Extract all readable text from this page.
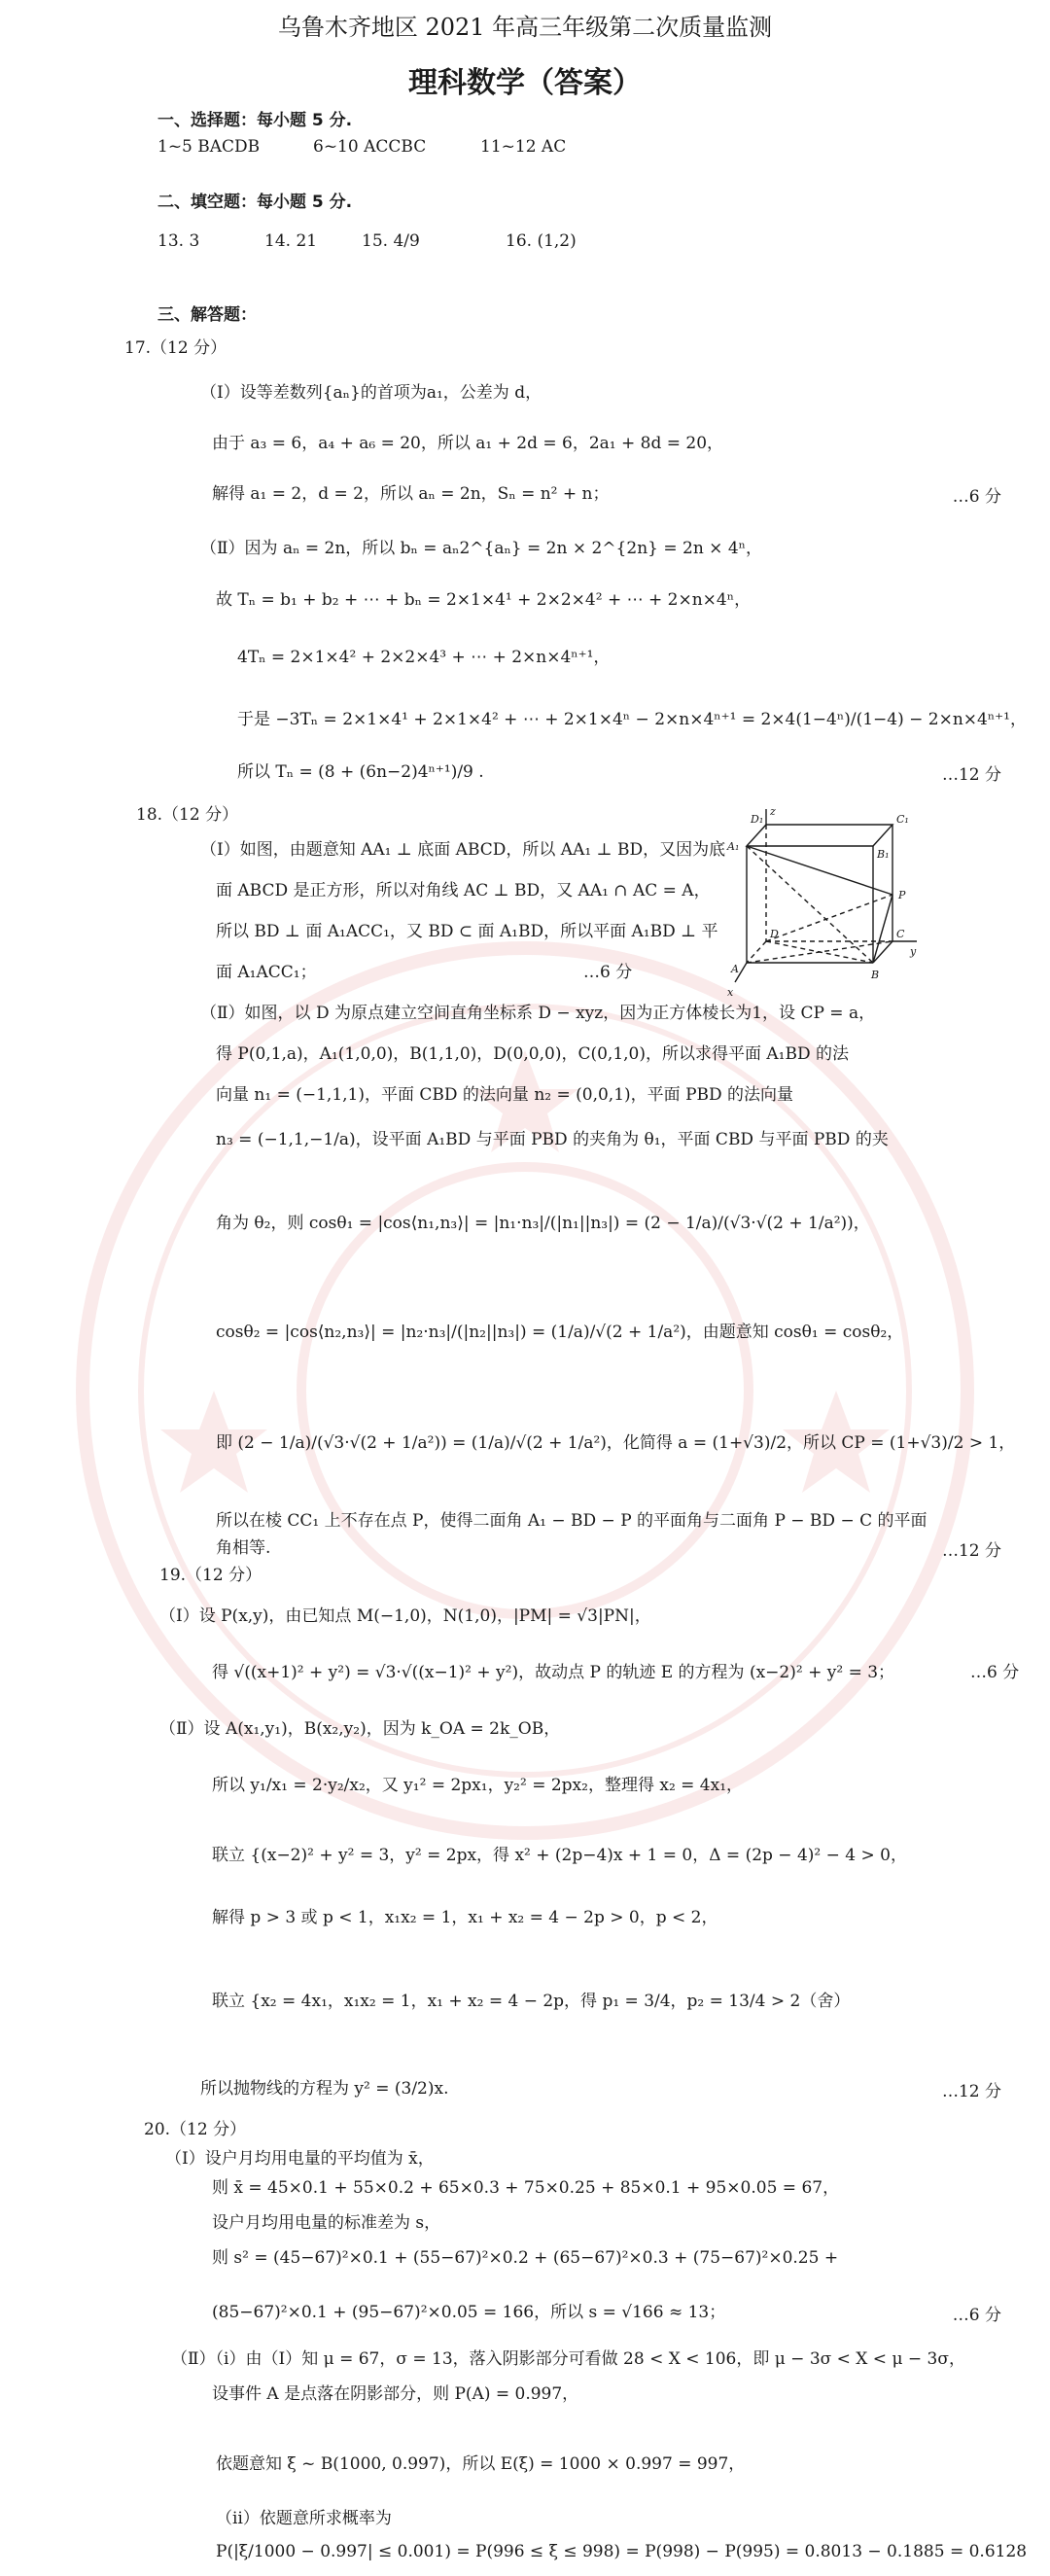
乌鲁木齐地区 2021 年高三年级第二次质量监测
理科数学（答案）
一、选择题：每小题 5 分.
1~5 BACDB	6~10 ACCBC	11~12 AC
二、填空题：每小题 5 分.
13. 3	14. 21	15. 4/9	16. (1,2)
三、解答题：
17.（12 分）
（Ⅰ）设等差数列{aₙ}的首项为a₁，公差为 d，
由于 a₃ = 6，a₄ + a₆ = 20，所以 a₁ + 2d = 6，2a₁ + 8d = 20，
解得 a₁ = 2，d = 2，所以 aₙ = 2n，Sₙ = n² + n；	…6 分
（Ⅱ）因为 aₙ = 2n，所以 bₙ = aₙ2^{aₙ} = 2n × 2^{2n} = 2n × 4ⁿ，
故 Tₙ = b₁ + b₂ + ⋯ + bₙ = 2×1×4¹ + 2×2×4² + ⋯ + 2×n×4ⁿ，
4Tₙ = 2×1×4² + 2×2×4³ + ⋯ + 2×n×4ⁿ⁺¹，
于是 −3Tₙ = 2×1×4¹ + 2×1×4² + ⋯ + 2×1×4ⁿ − 2×n×4ⁿ⁺¹ = 2×4(1−4ⁿ)/(1−4) − 2×n×4ⁿ⁺¹，
所以 Tₙ = (8 + (6n−2)4ⁿ⁺¹)/9 .	…12 分
18.（12 分）
（Ⅰ）如图，由题意知 AA₁ ⊥ 底面 ABCD，所以 AA₁ ⊥ BD，又因为底
面 ABCD 是正方形，所以对角线 AC ⊥ BD，又 AA₁ ∩ AC = A，
所以 BD ⊥ 面 A₁ACC₁，又 BD ⊂ 面 A₁BD，所以平面 A₁BD ⊥ 平
面 A₁ACC₁；	…6 分
D₁
z
C₁
A₁
B₁
P
D	C
y
A	B
x
（Ⅱ）如图，以 D 为原点建立空间直角坐标系 D − xyz，因为正方体棱长为1，设 CP = a，
得 P(0,1,a)，A₁(1,0,0)，B(1,1,0)，D(0,0,0)，C(0,1,0)，所以求得平面 A₁BD 的法
向量 n₁ = (−1,1,1)，平面 CBD 的法向量 n₂ = (0,0,1)，平面 PBD 的法向量
n₃ = (−1,1,−1/a)，设平面 A₁BD 与平面 PBD 的夹角为 θ₁，平面 CBD 与平面 PBD 的夹
角为 θ₂，则 cosθ₁ = |cos⟨n₁,n₃⟩| = |n₁·n₃|/(|n₁||n₃|) = (2 − 1/a)/(√3·√(2 + 1/a²))，
cosθ₂ = |cos⟨n₂,n₃⟩| = |n₂·n₃|/(|n₂||n₃|) = (1/a)/√(2 + 1/a²)，由题意知 cosθ₁ = cosθ₂，
即 (2 − 1/a)/(√3·√(2 + 1/a²)) = (1/a)/√(2 + 1/a²)，化简得 a = (1+√3)/2，所以 CP = (1+√3)/2 > 1，
所以在棱 CC₁ 上不存在点 P，使得二面角 A₁ − BD − P 的平面角与二面角 P − BD − C 的平面
角相等.	…12 分
19.（12 分）
（Ⅰ）设 P(x,y)，由已知点 M(−1,0)，N(1,0)，|PM| = √3|PN|，
得 √((x+1)² + y²) = √3·√((x−1)² + y²)，故动点 P 的轨迹 E 的方程为 (x−2)² + y² = 3；	…6 分
（Ⅱ）设 A(x₁,y₁)，B(x₂,y₂)，因为 k_OA = 2k_OB，
所以 y₁/x₁ = 2·y₂/x₂，又 y₁² = 2px₁，y₂² = 2px₂，整理得 x₂ = 4x₁，
联立 {(x−2)² + y² = 3，y² = 2px，得 x² + (2p−4)x + 1 = 0，Δ = (2p − 4)² − 4 > 0，
解得 p > 3 或 p < 1，x₁x₂ = 1，x₁ + x₂ = 4 − 2p > 0，p < 2，
联立 {x₂ = 4x₁，x₁x₂ = 1，x₁ + x₂ = 4 − 2p，得 p₁ = 3/4，p₂ = 13/4 > 2（舍）
所以抛物线的方程为 y² = (3/2)x.	…12 分
20.（12 分）
（Ⅰ）设户月均用电量的平均值为 x̄，
则 x̄ = 45×0.1 + 55×0.2 + 65×0.3 + 75×0.25 + 85×0.1 + 95×0.05 = 67，
设户月均用电量的标准差为 s，
则 s² = (45−67)²×0.1 + (55−67)²×0.2 + (65−67)²×0.3 + (75−67)²×0.25 +
(85−67)²×0.1 + (95−67)²×0.05 = 166，所以 s = √166 ≈ 13；	…6 分
（Ⅱ）（ⅰ）由（Ⅰ）知 μ = 67，σ = 13，落入阴影部分可看做 28 < X < 106，即 μ − 3σ < X < μ − 3σ，
设事件 A 是点落在阴影部分，则 P(A) = 0.997，
依题意知 ξ ~ B(1000, 0.997)，所以 E(ξ) = 1000 × 0.997 = 997，
（ⅱ）依题意所求概率为
P(|ξ/1000 − 0.997| ≤ 0.001) = P(996 ≤ ξ ≤ 998) = P(998) − P(995) = 0.8013 − 0.1885 = 0.6128
